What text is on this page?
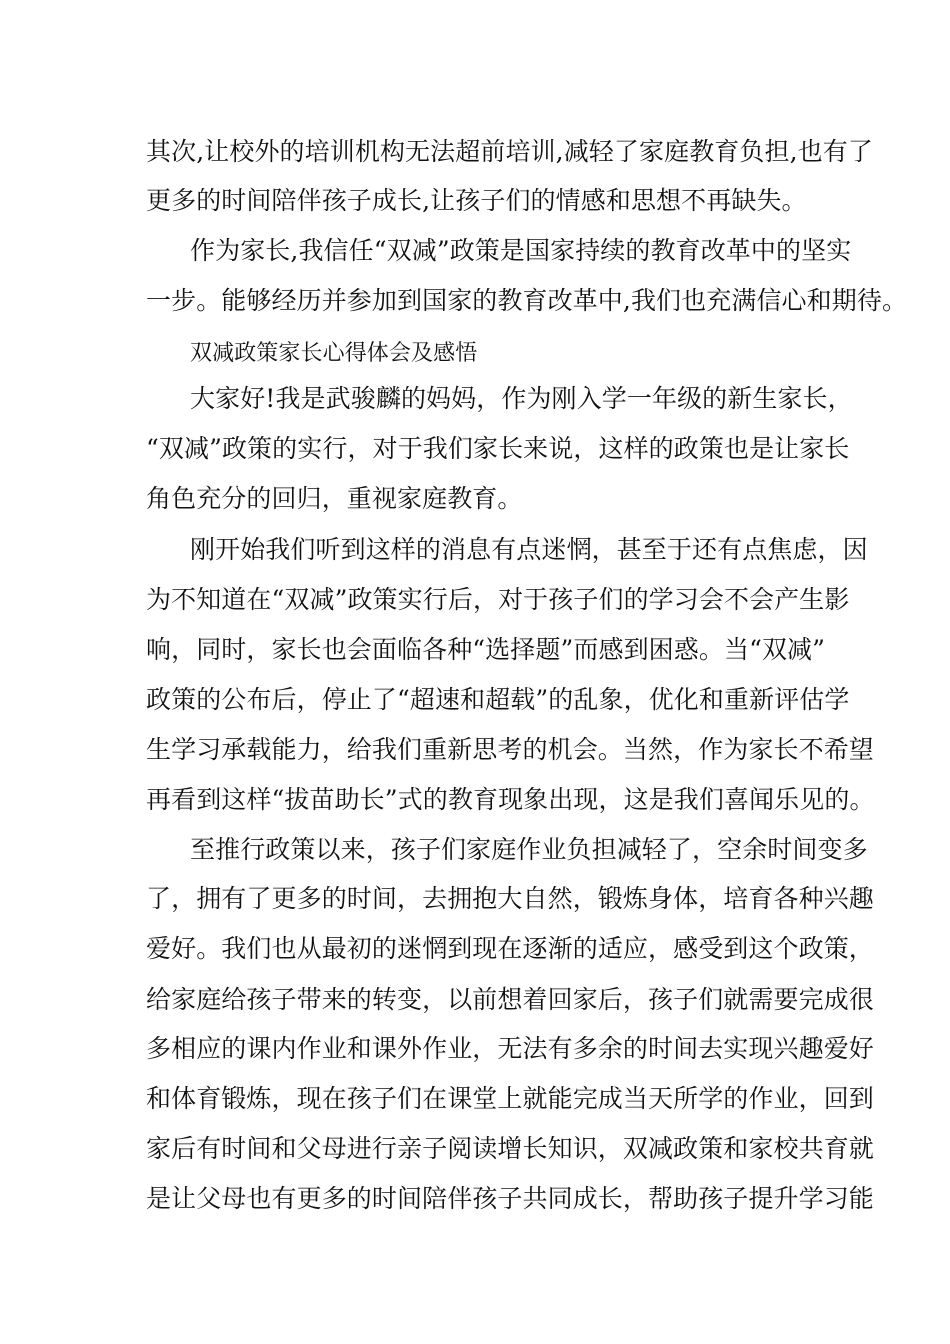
其次,让校外的培训机构无法超前培训,减轻了家庭教育负担,也有了
更多的时间陪伴孩子成长,让孩子们的情感和思想不再缺失。
作为家长,我信任“双减”政策是国家持续的教育改革中的坚实
一步。能够经历并参加到国家的教育改革中,我们也充满信心和期待。
双减政策家长心得体会及感悟
大家好!我是武骏麟的妈妈，作为刚入学一年级的新生家长，
“双减”政策的实行，对于我们家长来说，这样的政策也是让家长
角色充分的回归，重视家庭教育。
刚开始我们听到这样的消息有点迷惘，甚至于还有点焦虑，因
为不知道在“双减”政策实行后，对于孩子们的学习会不会产生影
响，同时，家长也会面临各种“选择题”而感到困惑。当“双减”
政策的公布后，停止了“超速和超载”的乱象，优化和重新评估学
生学习承载能力，给我们重新思考的机会。当然，作为家长不希望
再看到这样“拔苗助长”式的教育现象出现，这是我们喜闻乐见的。
至推行政策以来，孩子们家庭作业负担减轻了，空余时间变多
了，拥有了更多的时间，去拥抱大自然，锻炼身体，培育各种兴趣
爱好。我们也从最初的迷惘到现在逐渐的适应，感受到这个政策，
给家庭给孩子带来的转变，以前想着回家后，孩子们就需要完成很
多相应的课内作业和课外作业，无法有多余的时间去实现兴趣爱好
和体育锻炼，现在孩子们在课堂上就能完成当天所学的作业，回到
家后有时间和父母进行亲子阅读增长知识，双减政策和家校共育就
是让父母也有更多的时间陪伴孩子共同成长，帮助孩子提升学习能
